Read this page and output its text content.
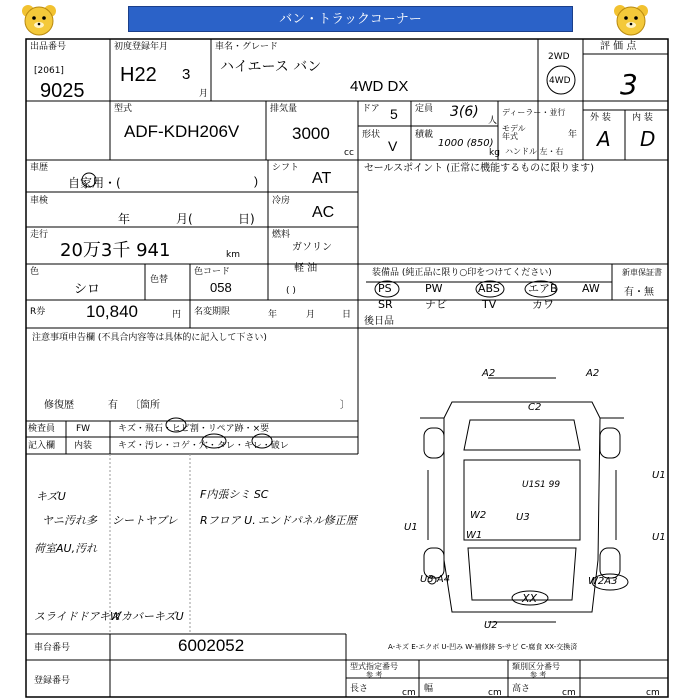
バン・トラックコーナー
出品番号
[2061]
9025
初度登録年月
H22 3
月
車名・グレード
ハイエース バン
4WD DX
2WD
4WD
評 価 点
3
外 装 内 装
A D
型式
ADF-KDH206V
排気量
3000
cc
ドア 5 定員 3(6)
人
形状
V
積載
1000 (850)
kg
ディーラー・並行
モデル
年式	年
ハンドル 左・右
車歴
自家用・(	)
シフト
AT
セールスポイント (正常に機能するものに限ります)
車検
年	月(	日)
冷房
AC
走行
20万3千 941	km
燃料
ガソリン
軽 油
( )
色
シロ
色替
色コード
058
装備品 (純正品に限り○印をつけてください)	新車保証書
有・無
PS	PW	ABS	エアB AW
SR	ナビ	TV	カワ
R券 10,840	円 名変期限	年	月	日
後日品
注意事項申告欄 (不具合内容等は具体的に記入して下さい)
修復歴	有 〔箇所	〕
検査員 FW	キズ・飛石・ヒビ割・リペア跡・×要
記入欄 内装	キズ・汚レ・コゲ・穴・タレ・キレ・破レ
キズU
ヤニ汚れ多 シートヤブレ Rフロア U. エンドパネル修正歴
F内張シミ SC
荷室AU,汚れ
スライドドアキズ
WカバーキズU
A2	A2
C2
U1S1 99
W2	U3
W1
U1
U1
W2A3
U3 A4
XX
U2
U1
A-キズ E-エクボ U-凹み W-補修跡 S-サビ C-腐食 XX-交換済
車台番号	6002052
登録番号
型式指定番号
参 考
類別区分番号
参 考
長さ	幅	高さ
cm	cm	cm	cm
